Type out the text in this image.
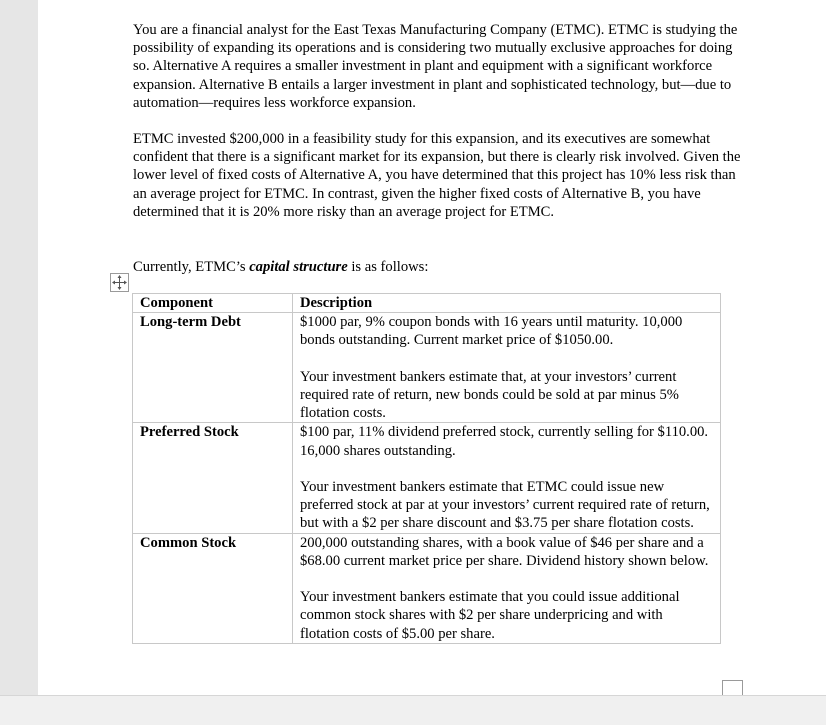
You are a financial analyst for the East Texas Manufacturing Company (ETMC). ETMC is studying the possibility of expanding its operations and is considering two mutually exclusive approaches for doing so. Alternative A requires a smaller investment in plant and equipment with a significant workforce expansion. Alternative B entails a larger investment in plant and sophisticated technology, but—due to automation—requires less workforce expansion.

ETMC invested $200,000 in a feasibility study for this expansion, and its executives are somewhat confident that there is a significant market for its expansion, but there is clearly risk involved. Given the lower level of fixed costs of Alternative A, you have determined that this project has 10% less risk than an average project for ETMC. In contrast, given the higher fixed costs of Alternative B, you have determined that it is 20% more risky than an average project for ETMC.

Currently, ETMC’s capital structure is as follows:

Component	Description
Long-term Debt	$1000 par, 9% coupon bonds with 16 years until maturity. 10,000 bonds outstanding. Current market price of $1050.00.
Your investment bankers estimate that, at your investors’ current required rate of return, new bonds could be sold at par minus 5% flotation costs.

Preferred Stock	$100 par, 11% dividend preferred stock, currently selling for $110.00. 16,000 shares outstanding.
Your investment bankers estimate that ETMC could issue new preferred stock at par at your investors’ current required rate of return, but with a $2 per share discount and $3.75 per share flotation costs.

Common Stock	200,000 outstanding shares, with a book value of $46 per share and a $68.00 current market price per share. Dividend history shown below.
Your investment bankers estimate that you could issue additional common stock shares with $2 per share underpricing and with flotation costs of $5.00 per share.
